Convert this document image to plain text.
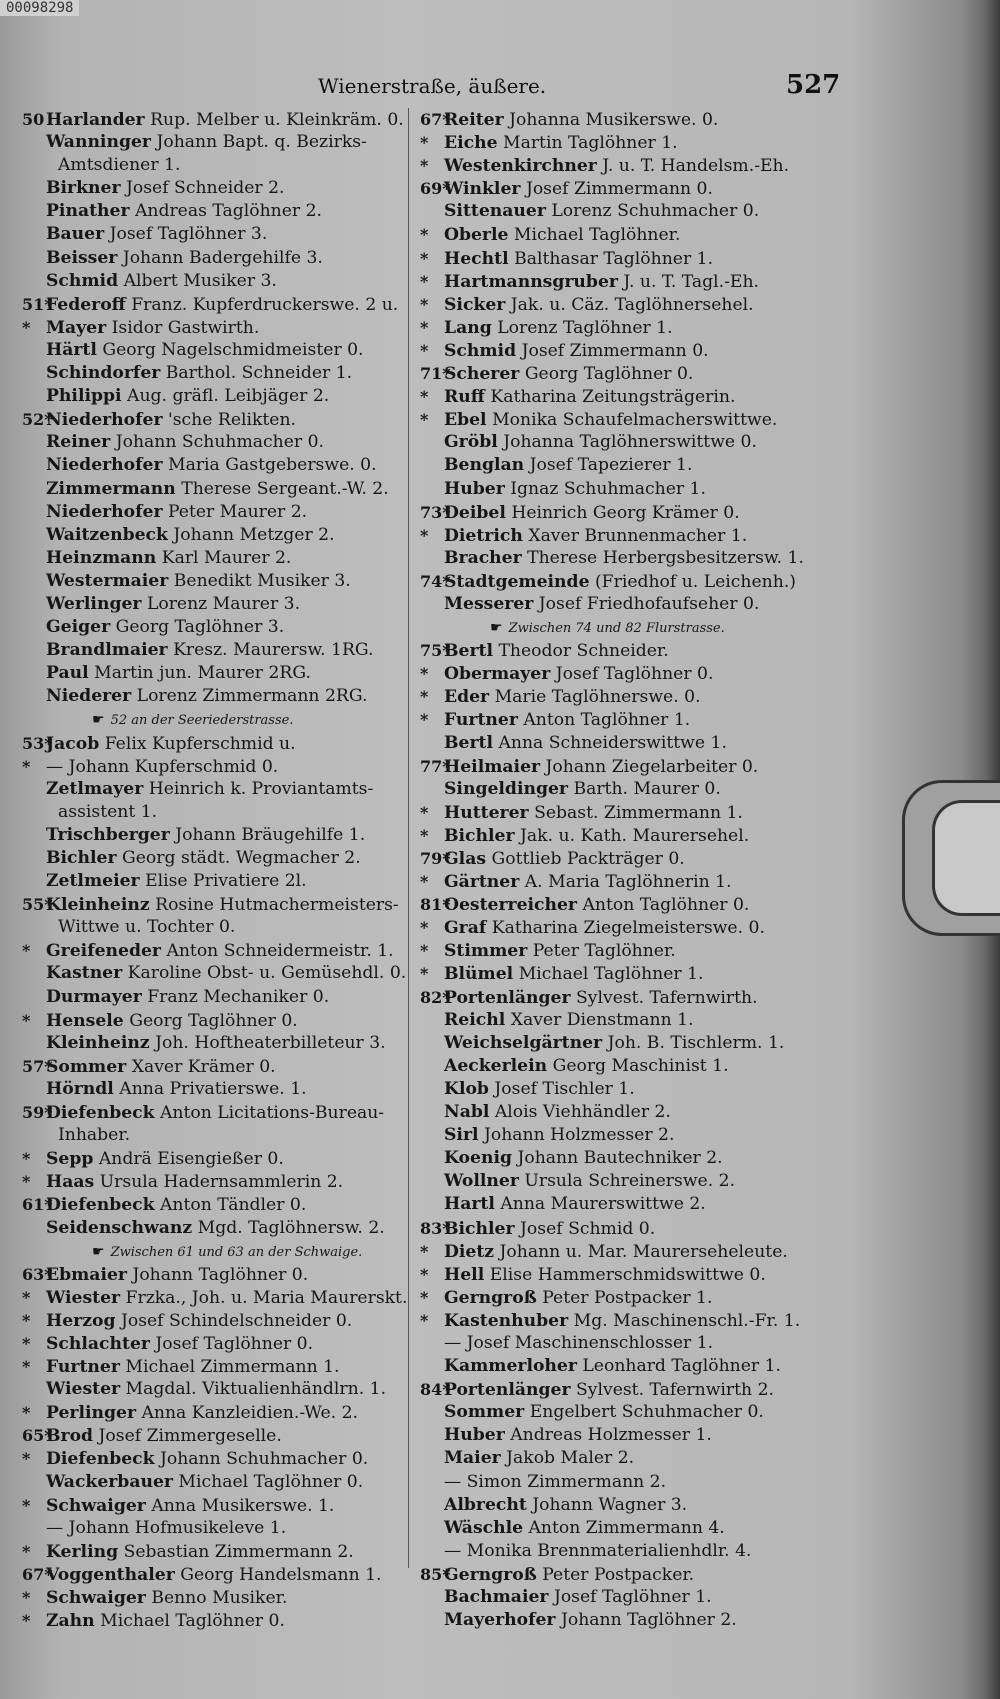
00098298
Wienerstraße, äußere.	527
50 Harlander Rup. Melber u. Kleinkräm. 0.
Wanninger Johann Bapt. q. Bezirks-
Amtsdiener 1.
Birkner Josef Schneider 2.
Pinather Andreas Taglöhner 2.
Bauer Josef Taglöhner 3.
Beisser Johann Badergehilfe 3.
Schmid Albert Musiker 3.
51*Federoff Franz. Kupferdruckerswe. 2 u.
* Mayer Isidor Gastwirth.
Härtl Georg Nagelschmidmeister 0.
Schindorfer Barthol. Schneider 1.
Philippi Aug. gräfl. Leibjäger 2.
52*Niederhofer 'sche Relikten.
Reiner Johann Schuhmacher 0.
Niederhofer Maria Gastgeberswe. 0.
Zimmermann Therese Sergeant.-W. 2.
Niederhofer Peter Maurer 2.
Waitzenbeck Johann Metzger 2.
Heinzmann Karl Maurer 2.
Westermaier Benedikt Musiker 3.
Werlinger Lorenz Maurer 3.
Geiger Georg Taglöhner 3.
Brandlmaier Kresz. Maurersw. 1RG.
Paul Martin jun. Maurer 2RG.
Niederer Lorenz Zimmermann 2RG.
☛ 52 an der Seeriederstrasse.
53*Jacob Felix Kupferschmid u.
* — Johann Kupferschmid 0.
Zetlmayer Heinrich k. Proviantamts-
assistent 1.
Trischberger Johann Bräugehilfe 1.
Bichler Georg städt. Wegmacher 2.
Zetlmeier Elise Privatiere 2l.
55*Kleinheinz Rosine Hutmachermeisters-
Wittwe u. Tochter 0.
* Greifeneder Anton Schneidermeistr. 1.
Kastner Karoline Obst- u. Gemüsehdl. 0.
Durmayer Franz Mechaniker 0.
* Hensele Georg Taglöhner 0.
Kleinheinz Joh. Hoftheaterbilleteur 3.
57*Sommer Xaver Krämer 0.
Hörndl Anna Privatierswe. 1.
59*Diefenbeck Anton Licitations-Bureau-
Inhaber.
* Sepp Andrä Eisengießer 0.
* Haas Ursula Hadernsammlerin 2.
61*Diefenbeck Anton Tändler 0.
Seidenschwanz Mgd. Taglöhnersw. 2.
☛ Zwischen 61 und 63 an der Schwaige.
63*Ebmaier Johann Taglöhner 0.
* Wiester Frzka., Joh. u. Maria Maurerskt.
* Herzog Josef Schindelschneider 0.
* Schlachter Josef Taglöhner 0.
* Furtner Michael Zimmermann 1.
Wiester Magdal. Viktualienhändlrn. 1.
* Perlinger Anna Kanzleidien.-We. 2.
65*Brod Josef Zimmergeselle.
* Diefenbeck Johann Schuhmacher 0.
Wackerbauer Michael Taglöhner 0.
* Schwaiger Anna Musikerswe. 1.
— Johann Hofmusikeleve 1.
* Kerling Sebastian Zimmermann 2.
67*Voggenthaler Georg Handelsmann 1.
* Schwaiger Benno Musiker.
* Zahn Michael Taglöhner 0.
67*Reiter Johanna Musikerswe. 0.
* Eiche Martin Taglöhner 1.
* Westenkirchner J. u. T. Handelsm.-Eh.
69*Winkler Josef Zimmermann 0.
Sittenauer Lorenz Schuhmacher 0.
* Oberle Michael Taglöhner.
* Hechtl Balthasar Taglöhner 1.
* Hartmannsgruber J. u. T. Tagl.-Eh.
* Sicker Jak. u. Cäz. Taglöhnersehel.
* Lang Lorenz Taglöhner 1.
* Schmid Josef Zimmermann 0.
71*Scherer Georg Taglöhner 0.
* Ruff Katharina Zeitungsträgerin.
* Ebel Monika Schaufelmacherswittwe.
Gröbl Johanna Taglöhnerswittwe 0.
Benglan Josef Tapezierer 1.
Huber Ignaz Schuhmacher 1.
73*Deibel Heinrich Georg Krämer 0.
* Dietrich Xaver Brunnenmacher 1.
Bracher Therese Herbergsbesitzersw. 1.
74*Stadtgemeinde (Friedhof u. Leichenh.)
Messerer Josef Friedhofaufseher 0.
☛ Zwischen 74 und 82 Flurstrasse.
75*Bertl Theodor Schneider.
* Obermayer Josef Taglöhner 0.
* Eder Marie Taglöhnerswe. 0.
* Furtner Anton Taglöhner 1.
Bertl Anna Schneiderswittwe 1.
77*Heilmaier Johann Ziegelarbeiter 0.
Singeldinger Barth. Maurer 0.
* Hutterer Sebast. Zimmermann 1.
* Bichler Jak. u. Kath. Maurersehel.
79*Glas Gottlieb Packträger 0.
* Gärtner A. Maria Taglöhnerin 1.
81*Oesterreicher Anton Taglöhner 0.
* Graf Katharina Ziegelmeisterswe. 0.
* Stimmer Peter Taglöhner.
* Blümel Michael Taglöhner 1.
82*Portenlänger Sylvest. Tafernwirth.
Reichl Xaver Dienstmann 1.
Weichselgärtner Joh. B. Tischlerm. 1.
Aeckerlein Georg Maschinist 1.
Klob Josef Tischler 1.
Nabl Alois Viehhändler 2.
Sirl Johann Holzmesser 2.
Koenig Johann Bautechniker 2.
Wollner Ursula Schreinerswe. 2.
Hartl Anna Maurerswittwe 2.
83*Bichler Josef Schmid 0.
* Dietz Johann u. Mar. Maurerseheleute.
* Hell Elise Hammerschmidswittwe 0.
* Gerngroß Peter Postpacker 1.
* Kastenhuber Mg. Maschinenschl.-Fr. 1.
— Josef Maschinenschlosser 1.
Kammerloher Leonhard Taglöhner 1.
84*Portenlänger Sylvest. Tafernwirth 2.
Sommer Engelbert Schuhmacher 0.
Huber Andreas Holzmesser 1.
Maier Jakob Maler 2.
— Simon Zimmermann 2.
Albrecht Johann Wagner 3.
Wäschle Anton Zimmermann 4.
— Monika Brennmaterialienhdlr. 4.
85*Gerngroß Peter Postpacker.
Bachmaier Josef Taglöhner 1.
Mayerhofer Johann Taglöhner 2.
